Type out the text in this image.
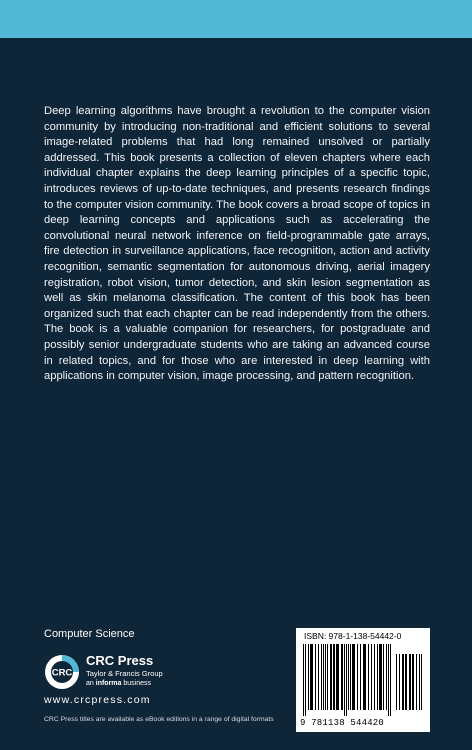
Deep learning algorithms have brought a revolution to the computer vision community by introducing non-traditional and efficient solutions to several image-related problems that had long remained unsolved or partially addressed. This book presents a collection of eleven chapters where each individual chapter explains the deep learning principles of a specific topic, introduces reviews of up-to-date techniques, and presents research findings to the computer vision community. The book covers a broad scope of topics in deep learning concepts and applications such as accelerating the convolutional neural network inference on field-programmable gate arrays, fire detection in surveillance applications, face recognition, action and activity recognition, semantic segmentation for autonomous driving, aerial imagery registration, robot vision, tumor detection, and skin lesion segmentation as well as skin melanoma classification. The content of this book has been organized such that each chapter can be read independently from the others. The book is a valuable companion for researchers, for postgraduate and possibly senior undergraduate students who are taking an advanced course in related topics, and for those who are interested in deep learning with applications in computer vision, image processing, and pattern recognition.

Computer Science
CRC
CRC Press
Taylor & Francis Group
an informa business
www.crcpress.com
CRC Press titles are available as eBook editions in a range of digital formats
ISBN: 978-1-138-54442-0
9 781138 544420
